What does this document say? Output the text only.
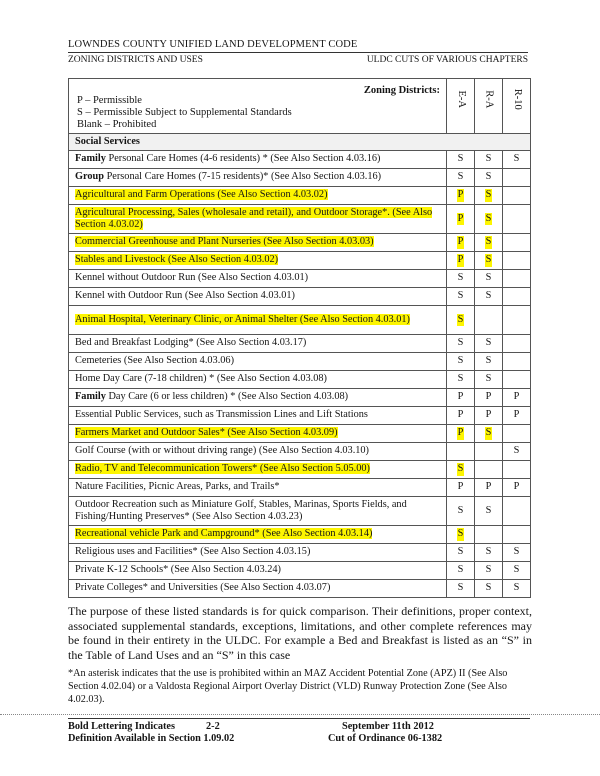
LOWNDES COUNTY UNIFIED LAND DEVELOPMENT CODE
ZONING DISTRICTS AND USES	ULDC CUTS OF VARIOUS CHAPTERS
Zoning Districts:
P – Permissible
S – Permissible Subject to Supplemental Standards
Blank – Prohibited	E-A	R-A	R-10
Social Services			
Family Personal Care Homes (4-6 residents) * (See Also Section 4.03.16)	S	S	S
Group Personal Care Homes (7-15 residents)* (See Also Section 4.03.16)	S	S	
Agricultural and Farm Operations (See Also Section 4.03.02)	P	S	
Agricultural Processing, Sales (wholesale and retail), and Outdoor Storage*. (See Also Section 4.03.02)	P	S	
Commercial Greenhouse and Plant Nurseries (See Also Section 4.03.03)	P	S	
Stables and Livestock (See Also Section 4.03.02)	P	S	
Kennel without Outdoor Run (See Also Section 4.03.01)	S	S	
Kennel with Outdoor Run (See Also Section 4.03.01)	S	S	
Animal Hospital, Veterinary Clinic, or Animal Shelter (See Also Section 4.03.01)	S		
Bed and Breakfast Lodging* (See Also Section 4.03.17)	S	S	
Cemeteries (See Also Section 4.03.06)	S	S	
Home Day Care (7-18 children) * (See Also Section 4.03.08)	S	S	
Family Day Care (6 or less children) * (See Also Section 4.03.08)	P	P	P
Essential Public Services, such as Transmission Lines and Lift Stations	P	P	P
Farmers Market and Outdoor Sales* (See Also Section 4.03.09)	P	S	
Golf Course (with or without driving range) (See Also Section 4.03.10)			S
Radio, TV and Telecommunication Towers* (See Also Section 5.05.00)	S		
Nature Facilities, Picnic Areas, Parks, and Trails*	P	P	P
Outdoor Recreation such as Miniature Golf, Stables, Marinas, Sports Fields, and Fishing/Hunting Preserves* (See Also Section 4.03.23)	S	S	
Recreational vehicle Park and Campground* (See Also Section 4.03.14)	S		
Religious uses and Facilities* (See Also Section 4.03.15)	S	S	S
Private K-12 Schools* (See Also Section 4.03.24)	S	S	S
Private Colleges* and Universities (See Also Section 4.03.07)	S	S	S
The purpose of these listed standards is for quick comparison. Their definitions, proper context, associated supplemental standards, exceptions, limitations, and other complete references may be found in their entirety in the ULDC. For example a Bed and Breakfast is listed as an “S” in the Table of Land Uses and an “S” in this case
*An asterisk indicates that the use is prohibited within an MAZ Accident Potential Zone (APZ) II (See Also Section 4.02.04) or a Valdosta Regional Airport Overlay District (VLD) Runway Protection Zone (See Also 4.02.03).
Bold Lettering Indicates
Definition Available in Section 1.09.02
2-2	September 11th 2012
Cut of Ordinance 06-1382
